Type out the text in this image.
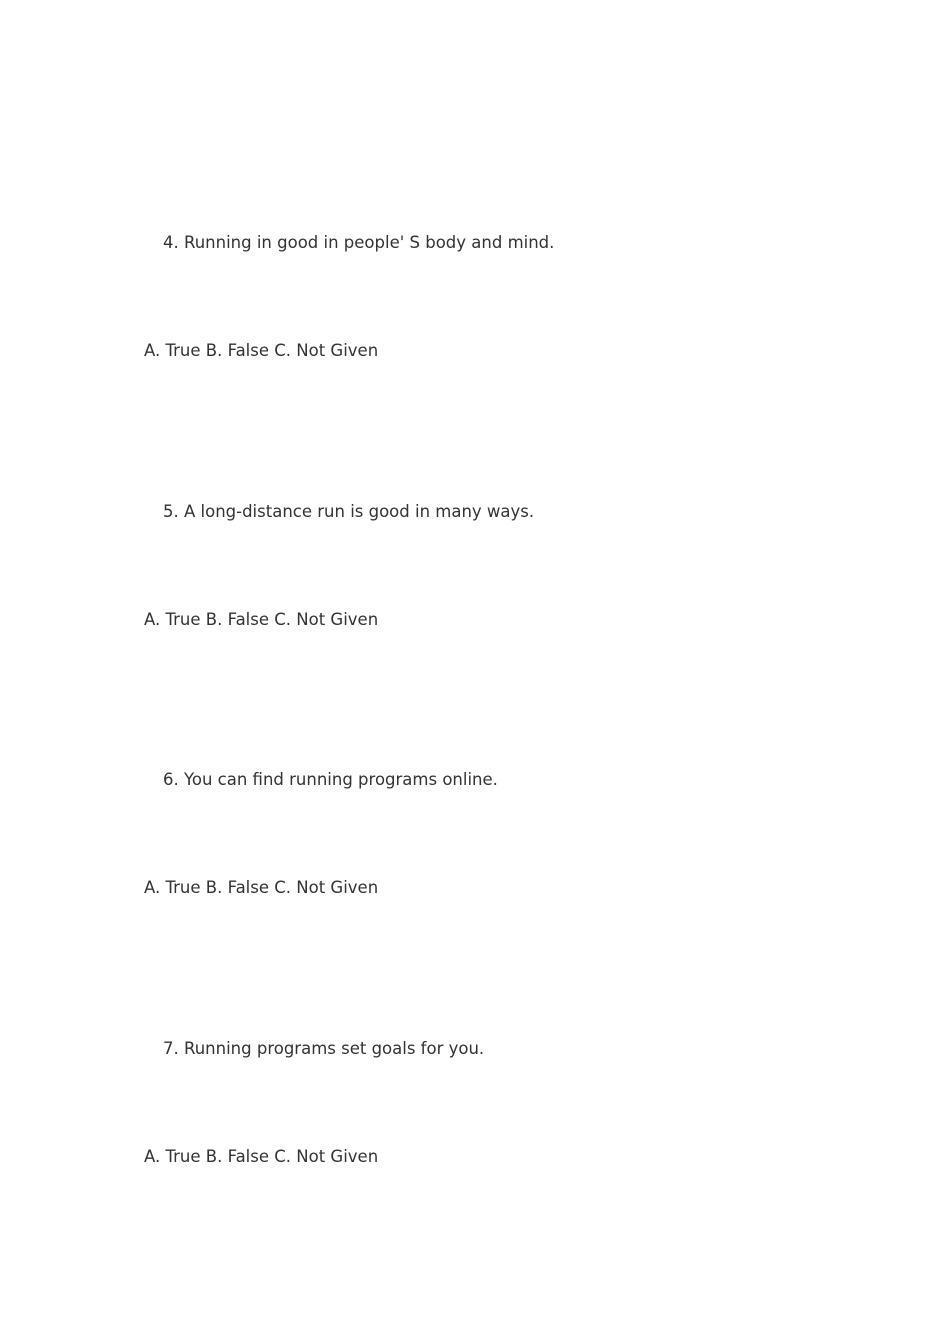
4. Running in good in people' S body and mind.
A. True B. False C. Not Given
5. A long-distance run is good in many ways.
A. True B. False C. Not Given
6. You can find running programs online.
A. True B. False C. Not Given
7. Running programs set goals for you.
A. True B. False C. Not Given
